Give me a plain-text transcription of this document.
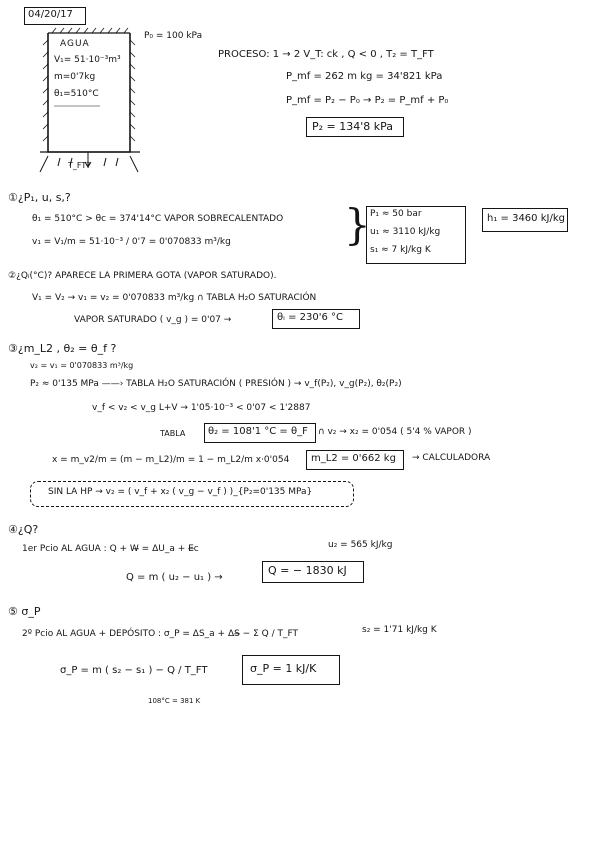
04/20/17
AGUA
V₁= 51·10⁻³m³
m=0'7kg
θ₁=510°C
P₀ = 100 kPa
T_FT?
PROCESO: 1 → 2 V_T: ck , Q < 0 , T₂ = T_FT
P_mf = 262 m kg = 34'821 kPa
P_mf = P₂ − P₀ → P₂ = P_mf + P₀
P₂ = 134'8 kPa
①¿P₁, u, s,?
θ₁ = 510°C > θc = 374'14°C VAPOR SOBRECALENTADO
v₁ = V₁/m = 51·10⁻³ / 0'7 = 0'070833 m³/kg	} P₁ ≈ 50 bar
u₁ ≈ 3110 kJ/kg
s₁ ≈ 7 kJ/kg K
h₁ = 3460 kJ/kg
②¿Qᵢ(°C)? APARECE LA PRIMERA GOTA (VAPOR SATURADO).
V₁ = V₂ → v₁ = v₂ = 0'070833 m³/kg ∩ TABLA H₂O SATURACIÓN
VAPOR SATURADO ( v_g ) = 0'07 →	θᵢ = 230'6 °C
③¿m_L2 , θ₂ = θ_f ?
v₂ = v₁ = 0'070833 m³/kg
P₂ ≈ 0'135 MPa ——› TABLA H₂O SATURACIÓN ( PRESIÓN ) → v_f(P₂), v_g(P₂), θ₂(P₂)
v_f < v₂ < v_g L+V → 1'05·10⁻³ < 0'07 < 1'2887
TABLA θ₂ = 108'1 °C = θ_F ∩ v₂ → x₂ = 0'054 ( 5'4 % VAPOR )
x = m_v2/m = (m − m_L2)/m = 1 − m_L2/m x·0'054 m_L2 = 0'662 kg → CALCULADORA
SIN LA HP → v₂ = ( v_f + x₂ ( v_g − v_f ) )_{P₂=0'135 MPa}
④¿Q?
1er Pcio AL AGUA : Q + W̶ = ΔU_a + E̶c	u₂ = 565 kJ/kg
Q = m ( u₂ − u₁ ) →
Q = − 1830 kJ
⑤ σ_P
2º Pcio AL AGUA + DEPÓSITO : σ_P = ΔS_a + ΔS̶ − Σ Q / T_FT	s₂ = 1'71 kJ/kg K
σ_P = m ( s₂ − s₁ ) − Q / T_FT
108°C = 381 K
σ_P = 1 kJ/K
